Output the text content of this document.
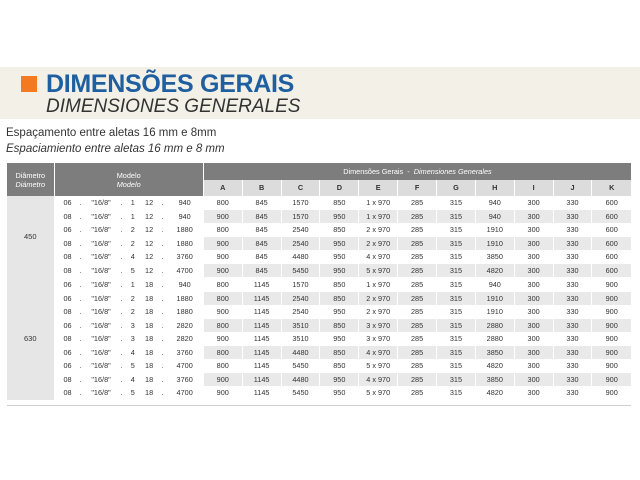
DIMENSÕES GERAIS
DIMENSIONES GENERALES
Espaçamento entre aletas 16 mm e 8mm
Espaciamiento entre aletas 16 mm e 8 mm
Diâmetro
Diámetro	Modelo
Modelo								Dimensões Gerais - Dimensiones Generales										
									A	B	C	D	E	F	G	H	I	J	K
450	06	.	"16/8"	.	1	12	.	940	800	845	1570	850	1 x 970	285	315	940	300	330	600
	08	.	"16/8"	.	1	12	.	940	900	845	1570	950	1 x 970	285	315	940	300	330	600
	06	.	"16/8"	.	2	12	.	1880	800	845	2540	850	2 x 970	285	315	1910	300	330	600
	08	.	"16/8"	.	2	12	.	1880	900	845	2540	950	2 x 970	285	315	1910	300	330	600
	08	.	"16/8"	.	4	12	.	3760	900	845	4480	950	4 x 970	285	315	3850	300	330	600
	08	.	"16/8"	.	5	12	.	4700	900	845	5450	950	5 x 970	285	315	4820	300	330	600
630	06	.	"16/8"	.	1	18	.	940	800	1145	1570	850	1 x 970	285	315	940	300	330	900
	06	.	"16/8"	.	2	18	.	1880	800	1145	2540	850	2 x 970	285	315	1910	300	330	900
	08	.	"16/8"	.	2	18	.	1880	900	1145	2540	950	2 x 970	285	315	1910	300	330	900
	06	.	"16/8"	.	3	18	.	2820	800	1145	3510	850	3 x 970	285	315	2880	300	330	900
	08	.	"16/8"	.	3	18	.	2820	900	1145	3510	950	3 x 970	285	315	2880	300	330	900
	06	.	"16/8"	.	4	18	.	3760	800	1145	4480	850	4 x 970	285	315	3850	300	330	900
	06	.	"16/8"	.	5	18	.	4700	800	1145	5450	850	5 x 970	285	315	4820	300	330	900
	08	.	"16/8"	.	4	18	.	3760	900	1145	4480	950	4 x 970	285	315	3850	300	330	900
	08	.	"16/8"	.	5	18	.	4700	900	1145	5450	950	5 x 970	285	315	4820	300	330	900
